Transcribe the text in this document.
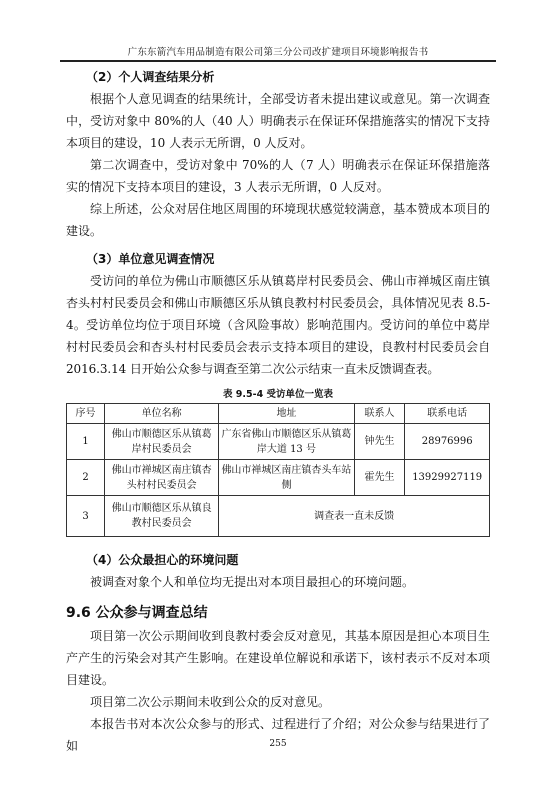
广东东箭汽车用品制造有限公司第三分公司改扩建项目环境影响报告书

（2）个人调查结果分析

根据个人意见调查的结果统计，全部受访者未提出建议或意见。第一次调查中，受访对象中 80%的人（40 人）明确表示在保证环保措施落实的情况下支持本项目的建设，10 人表示无所谓，0 人反对。

第二次调查中，受访对象中 70%的人（7 人）明确表示在保证环保措施落实的情况下支持本项目的建设，3 人表示无所谓，0 人反对。

综上所述，公众对居住地区周围的环境现状感觉较满意，基本赞成本项目的建设。

（3）单位意见调查情况

受访问的单位为佛山市顺德区乐从镇葛岸村民委员会、佛山市禅城区南庄镇杏头村村民委员会和佛山市顺德区乐从镇良教村村民委员会，具体情况见表 8.5-4。受访单位均位于项目环境（含风险事故）影响范围内。受访问的单位中葛岸村村民委员会和杏头村村民委员会表示支持本项目的建设，良教村村民委员会自 2016.3.14 日开始公众参与调查至第二次公示结束一直未反馈调查表。

表 9.5-4 受访单位一览表
序号	单位名称	地址	联系人	联系电话
1	佛山市顺德区乐从镇葛岸村民委员会	广东省佛山市顺德区乐从镇葛岸大道 13 号	钟先生	28976996
2	佛山市禅城区南庄镇杏头村村民委员会	佛山市禅城区南庄镇杏头车站侧	霍先生	13929927119
3	佛山市顺德区乐从镇良教村民委员会	调查表一直未反馈		

（4）公众最担心的环境问题

被调查对象个人和单位均无提出对本项目最担心的环境问题。

9.6 公众参与调查总结

项目第一次公示期间收到良教村委会反对意见，其基本原因是担心本项目生产产生的污染会对其产生影响。在建设单位解说和承诺下，该村表示不反对本项目建设。

项目第二次公示期间未收到公众的反对意见。

本报告书对本次公众参与的形式、过程进行了介绍；对公众参与结果进行了如	255
